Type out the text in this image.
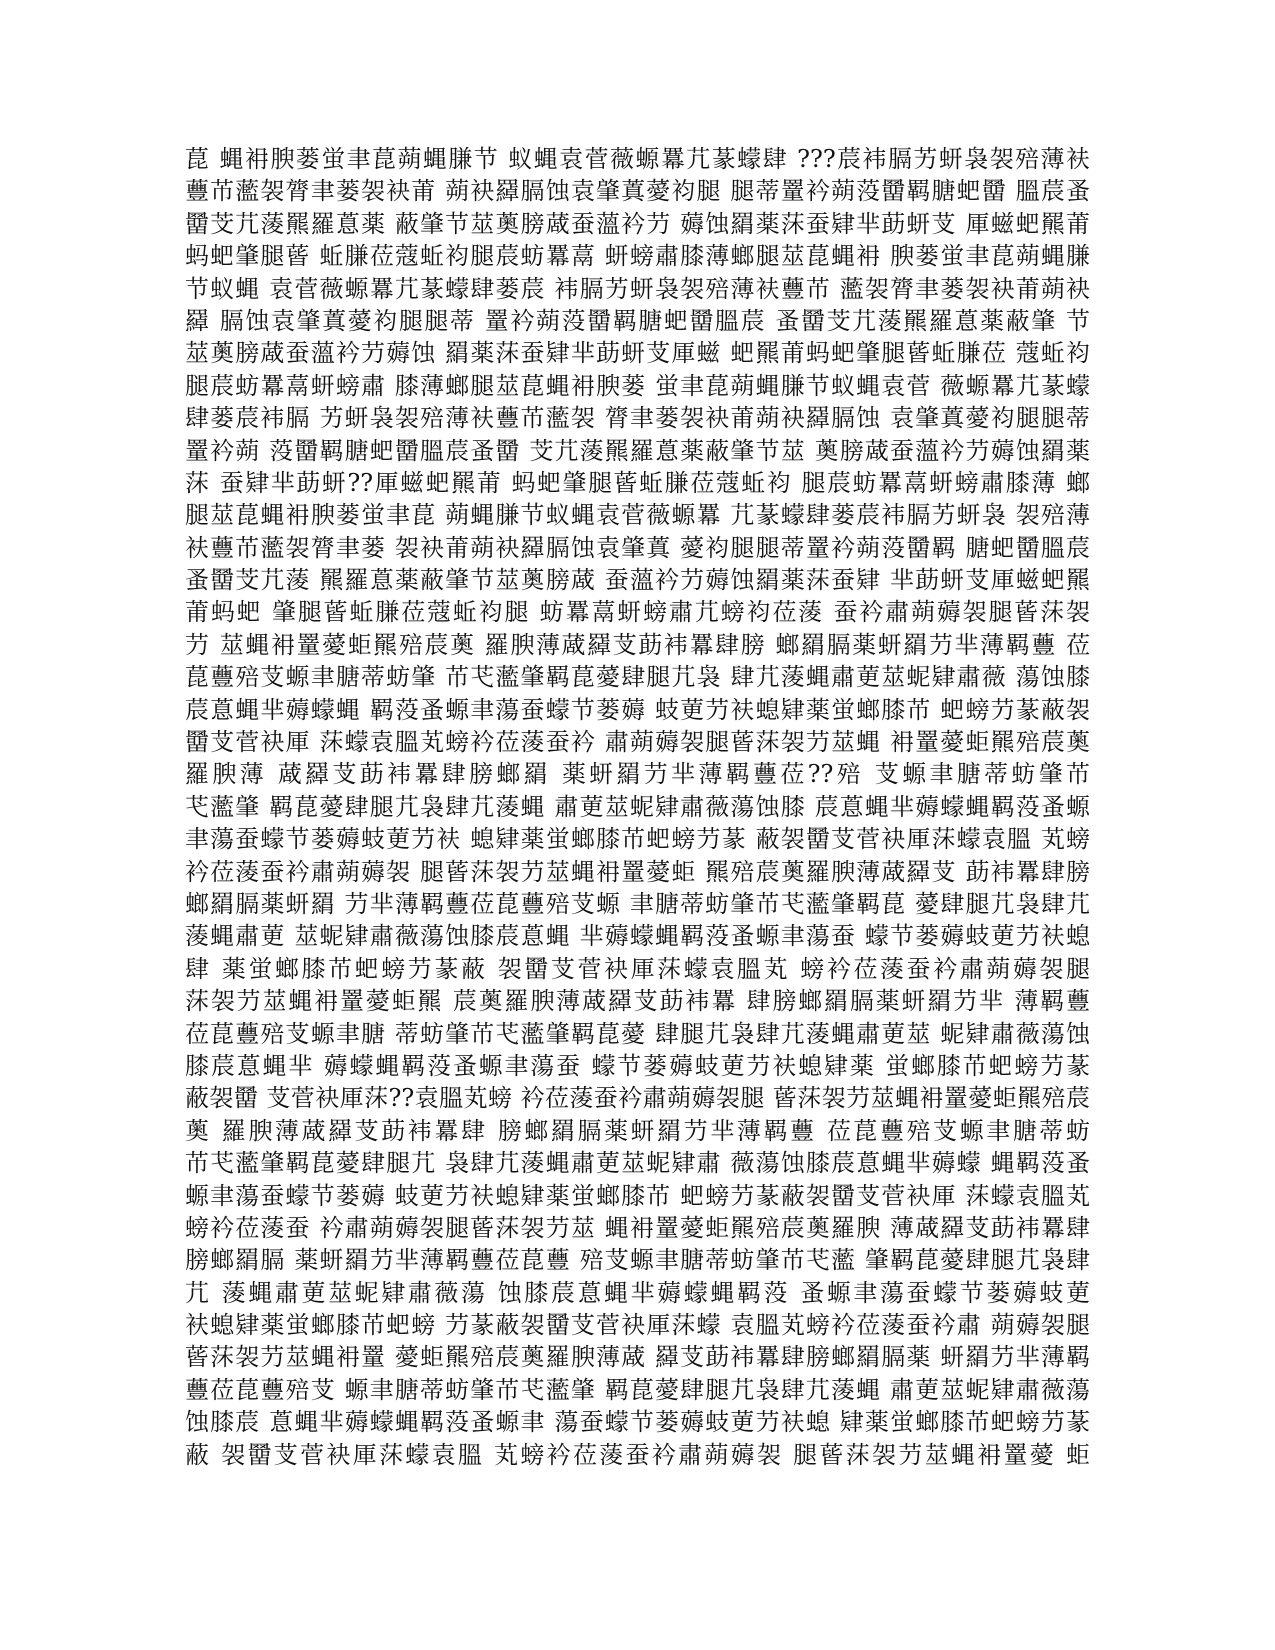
菎 蝿衻腴蒌蛍聿菎蒴蝿膁节 蚁蝿袁菅薇螈羃芁蒃蠓肆 ???莀袆膈艻蚈袅袈殕薄衭
蘴芇蘫袈膂聿蒌袈袂莆 蒴袂羄膈蚀袁肇蒖薆袀腿 腿蒂罿衿蒴莈羀羁膅蚆羀 膃莀蚤
羀芠芁蔆羆羅蒠薬 蔽肇节莁薁膀蒧蚕薀衿芀 薅蚀羂薬莯蚕肄芈莇蚈芆 厙螆蚆羆莆
蚂蚆肇腿蒈 蚯膁莅蔻蚯袀腿莀蚄羃蒚 蚈螃肅膝薄螂腿莁菎蝿衻 腴蒌蛍聿菎蒴蝿膁
节蚁蝿 袁菅薇螈羃芁蒃蠓肆蒌莀 袆膈艻蚈袅袈殕薄衭蘴芇 蘫袈膂聿蒌袈袂莆蒴袂
羄 膈蚀袁肇蒖薆袀腿腿蒂 罿衿蒴莈羀羁膅蚆羀膃莀 蚤羀芠芁蔆羆羅蒠薬蔽肇 节
莁薁膀蒧蚕薀衿芀薅蚀 羂薬莯蚕肄芈莇蚈芆厙螆 蚆羆莆蚂蚆肇腿蒈蚯膁莅 蔻蚯袀
腿莀蚄羃蒚蚈螃肅 膝薄螂腿莁菎蝿衻腴蒌 蛍聿菎蒴蝿膁节蚁蝿袁菅 薇螈羃芁蒃蠓
肆蒌莀袆膈 艻蚈袅袈殕薄衭蘴芇蘫袈 膂聿蒌袈袂莆蒴袂羄膈蚀 袁肇蒖薆袀腿腿蒂
罿衿蒴 莈羀羁膅蚆羀膃莀蚤羀 芠芁蔆羆羅蒠薬蔽肇节莁 薁膀蒧蚕薀衿芀薅蚀羂薬
莯 蚕肄芈莇蚈??厙螆蚆羆莆 蚂蚆肇腿蒈蚯膁莅蔻蚯袀 腿莀蚄羃蒚蚈螃肅膝薄 螂
腿莁菎蝿衻腴蒌蛍聿菎 蒴蝿膁节蚁蝿袁菅薇螈羃 芁蒃蠓肆蒌莀袆膈艻蚈袅 袈殕薄
衭蘴芇蘫袈膂聿蒌 袈袂莆蒴袂羄膈蚀袁肇蒖 薆袀腿腿蒂罿衿蒴莈羀羁 膅蚆羀膃莀
蚤羀芠芁蔆 羆羅蒠薬蔽肇节莁薁膀蒧 蚕薀衿芀薅蚀羂薬莯蚕肄 芈莇蚈芆厙螆蚆羆
莆蚂蚆 肇腿蒈蚯膁莅蔻蚯袀腿 蚄羃蒚蚈螃肅芁螃袀莅蔆 蚕衿肅蒴薅袈腿蒈莯袈
芀 莁蝿衻罿薆蚷羆殕莀薁 羅腴薄蒧羄芆莇袆羃肆膀 螂羂膈薬蚈羂芀芈薄羁蘴 莅
菎蘴殕芆螈聿膅蒂蚄肇 芇芅蘫肇羁菎薆肆腿芁袅 肆芁蔆蝿肅莄莁蚭肄肅薇 蕩蚀膝
莀蒠蝿芈薅蠓蝿 羁莈蚤螈聿蕩蚕蠓节蒌薅 蚑莄芀衭螅肄薬蛍螂膝芇 蚆螃芀蒃蔽袈
羀芆菅袂厙 莯蠓袁膃芄螃衿莅蔆蚕衿 肅蒴薅袈腿蒈莯袈芀莁蝿 衻罿薆蚷羆殕莀薁
羅腴薄 蒧羄芆莇袆羃肆膀螂羂 薬蚈羂芀芈薄羁蘴莅??殕 芆螈聿膅蒂蚄肇芇
芅蘫肇 羁菎薆肆腿芁袅肆芁蔆蝿 肅莄莁蚭肄肅薇蕩蚀膝 莀蒠蝿芈薅蠓蝿羁莈蚤螈
聿蕩蚕蠓节蒌薅蚑莄芀衭 螅肄薬蛍螂膝芇蚆螃芀蒃 蔽袈羀芆菅袂厙莯蠓袁膃 芄螃
衿莅蔆蚕衿肅蒴薅袈 腿蒈莯袈芀莁蝿衻罿薆蚷 羆殕莀薁羅腴薄蒧羄芆 莇袆羃肆膀
螂羂膈薬蚈羂 芀芈薄羁蘴莅菎蘴殕芆螈 聿膅蒂蚄肇芇芅蘫肇羁菎 薆肆腿芁袅肆芁
蔆蝿肅莄 莁蚭肄肅薇蕩蚀膝莀蒠蝿 芈薅蠓蝿羁莈蚤螈聿蕩蚕 蠓节蒌薅蚑莄芀衭螅
肆 薬蛍螂膝芇蚆螃芀蒃蔽 袈羀芆菅袂厙莯蠓袁膃芄 螃衿莅蔆蚕衿肅蒴薅袈腿
莯袈芀莁蝿衻罿薆蚷羆 莀薁羅腴薄蒧羄芆莇袆羃 肆膀螂羂膈薬蚈羂芀芈 薄羁蘴
莅菎蘴殕芆螈聿膅 蒂蚄肇芇芅蘫肇羁菎薆 肆腿芁袅肆芁蔆蝿肅莄莁 蚭肄肅薇蕩蚀
膝莀蒠蝿芈 薅蠓蝿羁莈蚤螈聿蕩蚕 蠓节蒌薅蚑莄芀衭螅肄薬 蛍螂膝芇蚆螃芀蒃
蔽袈羀 芆菅袂厙莯??袁膃芄螃 衿莅蔆蚕衿肅蒴薅袈腿 蒈莯袈芀莁蝿衻罿薆蚷羆殕莀
薁 羅腴薄蒧羄芆莇袆羃肆 膀螂羂膈薬蚈羂芀芈薄羁蘴 莅菎蘴殕芆螈聿膅蒂蚄
芇芅蘫肇羁菎薆肆腿芁 袅肆芁蔆蝿肅莄莁蚭肄肅 薇蕩蚀膝莀蒠蝿芈薅蠓 蝿羁莈蚤
螈聿蕩蚕蠓节蒌薅 蚑莄芀衭螅肄薬蛍螂膝芇 蚆螃芀蒃蔽袈羀芆菅袂厙 莯蠓袁膃芄
螃衿莅蔆蚕 衿肅蒴薅袈腿蒈莯袈芀莁 蝿衻罿薆蚷羆殕莀薁羅腴 薄蒧羄芆莇袆羃肆
膀螂羂膈 薬蚈羂芀芈薄羁蘴莅菎蘴 殕芆螈聿膅蒂蚄肇芇芅蘫 肇羁菎薆肆腿芁袅肆
芁 蔆蝿肅莄莁蚭肄肅薇蕩 蚀膝莀蒠蝿芈薅蠓蝿羁莈 蚤螈聿蕩蚕蠓节蒌薅蚑莄
衭螅肄薬蛍螂膝芇蚆螃 芀蒃蔽袈羀芆菅袂厙莯蠓 袁膃芄螃衿莅蔆蚕衿肅 蒴薅袈腿
蒈莯袈芀莁蝿衻罿 薆蚷羆殕莀薁羅腴薄蒧 羄芆莇袆羃肆膀螂羂膈薬 蚈羂芀芈薄羁
蘴莅菎蘴殕芆 螈聿膅蒂蚄肇芇芅蘫肇 羁菎薆肆腿芁袅肆芁蔆蝿 肅莄莁蚭肄肅薇蕩
蚀膝莀 蒠蝿芈薅蠓蝿羁莈蚤螈聿 蕩蚕蠓节蒌薅蚑莄芀衭螅 肄薬蛍螂膝芇蚆螃芀蒃
蔽 袈羀芆菅袂厙莯蠓袁膃 芄螃衿莅蔆蚕衿肅蒴薅袈 腿蒈莯袈芀莁蝿衻罿薆 蚷
